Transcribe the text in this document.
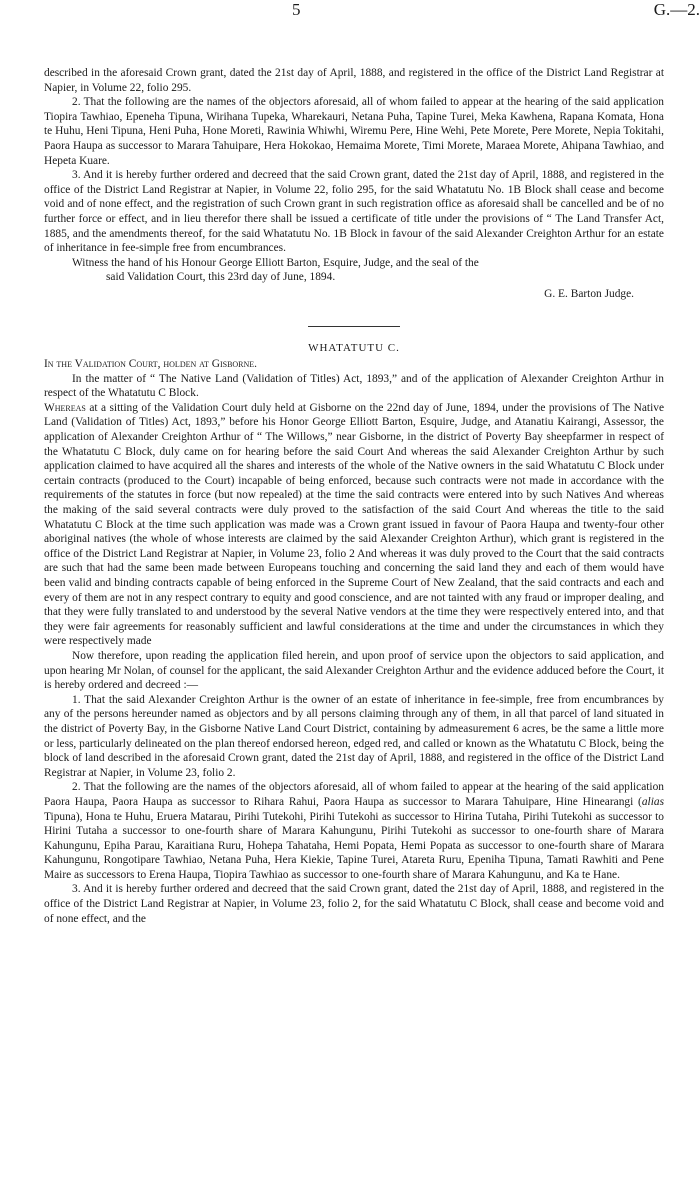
5	G.—2.

described in the aforesaid Crown grant, dated the 21st day of April, 1888, and registered in the office of the District Land Registrar at Napier, in Volume 22, folio 295.

2. That the following are the names of the objectors aforesaid, all of whom failed to appear at the hearing of the said application Tiopira Tawhiao, Epeneha Tipuna, Wirihana Tupeka, Wharekauri, Netana Puha, Tapine Turei, Meka Kawhena, Rapana Komata, Hona te Huhu, Heni Tipuna, Heni Puha, Hone Moreti, Rawinia Whiwhi, Wiremu Pere, Hine Wehi, Pete Morete, Pere Morete, Nepia Tokitahi, Paora Haupa as successor to Marara Tahuipare, Hera Hokokao, Hemaima Morete, Timi Morete, Maraea Morete, Ahipana Tawhiao, and Hepeta Kuare.

3. And it is hereby further ordered and decreed that the said Crown grant, dated the 21st day of April, 1888, and registered in the office of the District Land Registrar at Napier, in Volume 22, folio 295, for the said Whatatutu No. 1B Block shall cease and become void and of none effect, and the registration of such Crown grant in such registration office as aforesaid shall be cancelled and be of no further force or effect, and in lieu therefor there shall be issued a certificate of title under the provisions of “ The Land Transfer Act, 1885, and the amendments thereof, for the said Whatatutu No. 1B Block in favour of the said Alexander Creighton Arthur for an estate of inheritance in fee-simple free from encumbrances.

Witness the hand of his Honour George Elliott Barton, Esquire, Judge, and the seal of the
said Validation Court, this 23rd day of June, 1894.
G. E. Barton Judge.
WHATATUTU C.

In the Validation Court, holden at Gisborne.

In the matter of “ The Native Land (Validation of Titles) Act, 1893,” and of the application of Alexander Creighton Arthur in respect of the Whatatutu C Block.

Whereas at a sitting of the Validation Court duly held at Gisborne on the 22nd day of June, 1894, under the provisions of The Native Land (Validation of Titles) Act, 1893,” before his Honor George Elliott Barton, Esquire, Judge, and Atanatiu Kairangi, Assessor, the application of Alexander Creighton Arthur of “ The Willows,” near Gisborne, in the district of Poverty Bay sheepfarmer in respect of the Whatatutu C Block, duly came on for hearing before the said Court And whereas the said Alexander Creighton Arthur by such application claimed to have acquired all the shares and interests of the whole of the Native owners in the said Whatatutu C Block under certain contracts (produced to the Court) incapable of being enforced, because such contracts were not made in accordance with the requirements of the statutes in force (but now repealed) at the time the said contracts were entered into by such Natives And whereas the making of the said several contracts were duly proved to the satisfaction of the said Court And whereas the title to the said Whatatutu C Block at the time such application was made was a Crown grant issued in favour of Paora Haupa and twenty-four other aboriginal natives (the whole of whose interests are claimed by the said Alexander Creighton Arthur), which grant is registered in the office of the District Land Registrar at Napier, in Volume 23, folio 2 And whereas it was duly proved to the Court that the said contracts are such that had the same been made between Europeans touching and concerning the said land they and each of them would have been valid and binding contracts capable of being enforced in the Supreme Court of New Zealand, that the said contracts and each and every of them are not in any respect contrary to equity and good conscience, and are not tainted with any fraud or improper dealing, and that they were fully translated to and understood by the several Native vendors at the time they were respectively entered into, and that they were fair agreements for reasonably sufficient and lawful considerations at the time and under the circumstances in which they were respectively made

Now therefore, upon reading the application filed herein, and upon proof of service upon the objectors to said application, and upon hearing Mr Nolan, of counsel for the applicant, the said Alexander Creighton Arthur and the evidence adduced before the Court, it is hereby ordered and decreed :—

1. That the said Alexander Creighton Arthur is the owner of an estate of inheritance in fee-simple, free from encumbrances by any of the persons hereunder named as objectors and by all persons claiming through any of them, in all that parcel of land situated in the district of Poverty Bay, in the Gisborne Native Land Court District, containing by admeasurement 6 acres, be the same a little more or less, particularly delineated on the plan thereof endorsed hereon, edged red, and called or known as the Whatatutu C Block, being the block of land described in the aforesaid Crown grant, dated the 21st day of April, 1888, and registered in the office of the District Land Registrar at Napier, in Volume 23, folio 2.

2. That the following are the names of the objectors aforesaid, all of whom failed to appear at the hearing of the said application Paora Haupa, Paora Haupa as successor to Rihara Rahui, Paora Haupa as successor to Marara Tahuipare, Hine Hinearangi (alias Tipuna), Hona te Huhu, Eruera Matarau, Pirihi Tutekohi, Pirihi Tutekohi as successor to Hirina Tutaha, Pirihi Tutekohi as successor to Hirini Tutaha a successor to one-fourth share of Marara Kahungunu, Pirihi Tutekohi as successor to one-fourth share of Marara Kahungunu, Epiha Parau, Karaitiana Ruru, Hohepa Tahataha, Hemi Popata, Hemi Popata as successor to one-fourth share of Marara Kahungunu, Rongotipare Tawhiao, Netana Puha, Hera Kiekie, Tapine Turei, Atareta Ruru, Epeniha Tipuna, Tamati Rawhiti and Pene Maire as successors to Erena Haupa, Tiopira Tawhiao as successor to one-fourth share of Marara Kahungunu, and Ka te Hane.

3. And it is hereby further ordered and decreed that the said Crown grant, dated the 21st day of April, 1888, and registered in the office of the District Land Registrar at Napier, in Volume 23, folio 2, for the said Whatatutu C Block, shall cease and become void and of none effect, and the
